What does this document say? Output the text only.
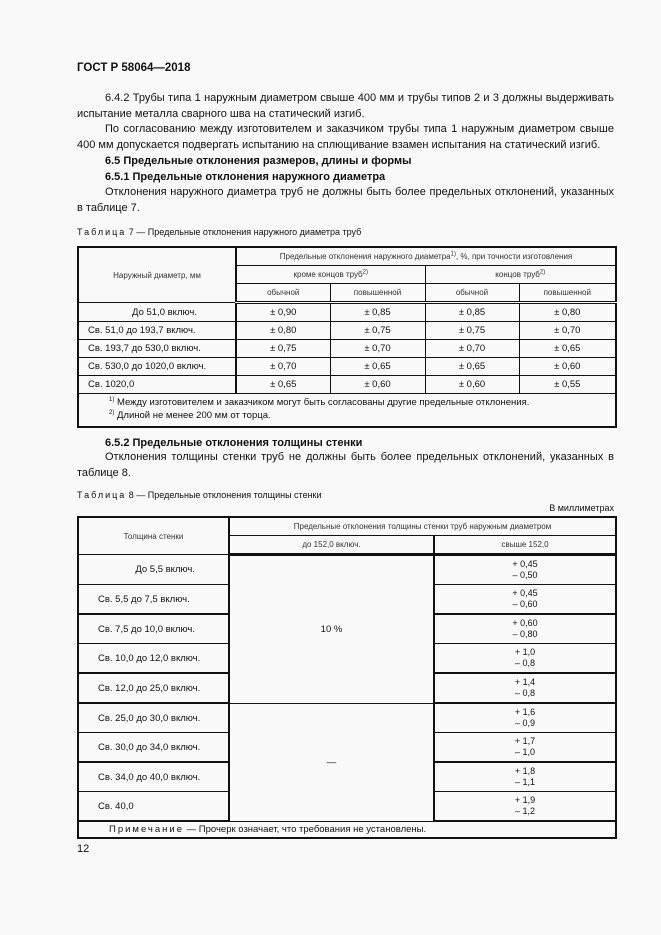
ГОСТ Р 58064—2018
6.4.2 Трубы типа 1 наружным диаметром свыше 400 мм и трубы типов 2 и 3 должны выдерживать испытание металла сварного шва на статический изгиб.
По согласованию между изготовителем и заказчиком трубы типа 1 наружным диаметром свыше 400 мм допускается подвергать испытанию на сплющивание взамен испытания на статический изгиб.
6.5 Предельные отклонения размеров, длины и формы
6.5.1 Предельные отклонения наружного диаметра
Отклонения наружного диаметра труб не должны быть более предельных отклонений, указанных в таблице 7.
Таблица 7 — Предельные отклонения наружного диаметра труб
Наружный диаметр, мм	Предельные отклонения наружного диаметра$^{1)}$, %, при точности изготовления			
	кроме концов труб$^{2)}$		концов труб$^{2)}$
	обычной	повышенной	обычной	повышенной
До 51,0 включ.	± 0,90	± 0,85	± 0,85	± 0,80
Св. 51,0 до 193,7 включ.	± 0,80	± 0,75	± 0,75	± 0,70
Св. 193,7 до 530,0 включ.	± 0,75	± 0,70	± 0,70	± 0,65
Св. 530,0 до 1020,0 включ.	± 0,70	± 0,65	± 0,65	± 0,60
Св. 1020,0	± 0,65	± 0,60	± 0,60	± 0,55

$^{1)}$ Между изготовителем и заказчиком могут быть согласованы другие предельные отклонения.
$^{2)}$ Длиной не менее 200 мм от торца.				
6.5.2 Предельные отклонения толщины стенки
Отклонения толщины стенки труб не должны быть более предельных отклонений, указанных в таблице 8.
Таблица 8 — Предельные отклонения толщины стенки
В миллиметрах
Толщина стенки	Предельные отклонения толщины стенки труб наружным диаметром	
	до 152,0 включ.	свыше 152,0
До 5,5 включ.	10 %	+ 0,45
– 0,50

Св. 5,5 до 7,5 включ.		+ 0,45
– 0,60

Св. 7,5 до 10,0 включ.		+ 0,60
– 0,80

Св. 10,0 до 12,0 включ.		+ 1,0
– 0,8

Св. 12,0 до 25,0 включ.		+ 1,4
– 0,8

Св. 25,0 до 30,0 включ.	—	+ 1,6
– 0,9

Св. 30,0 до 34,0 включ.		+ 1,7
– 1,0

Св. 34,0 до 40,0 включ.		+ 1,8
– 1,1

Св. 40,0		+ 1,9
– 1,2

Примечание — Прочерк означает, что требования не установлены.		
12
